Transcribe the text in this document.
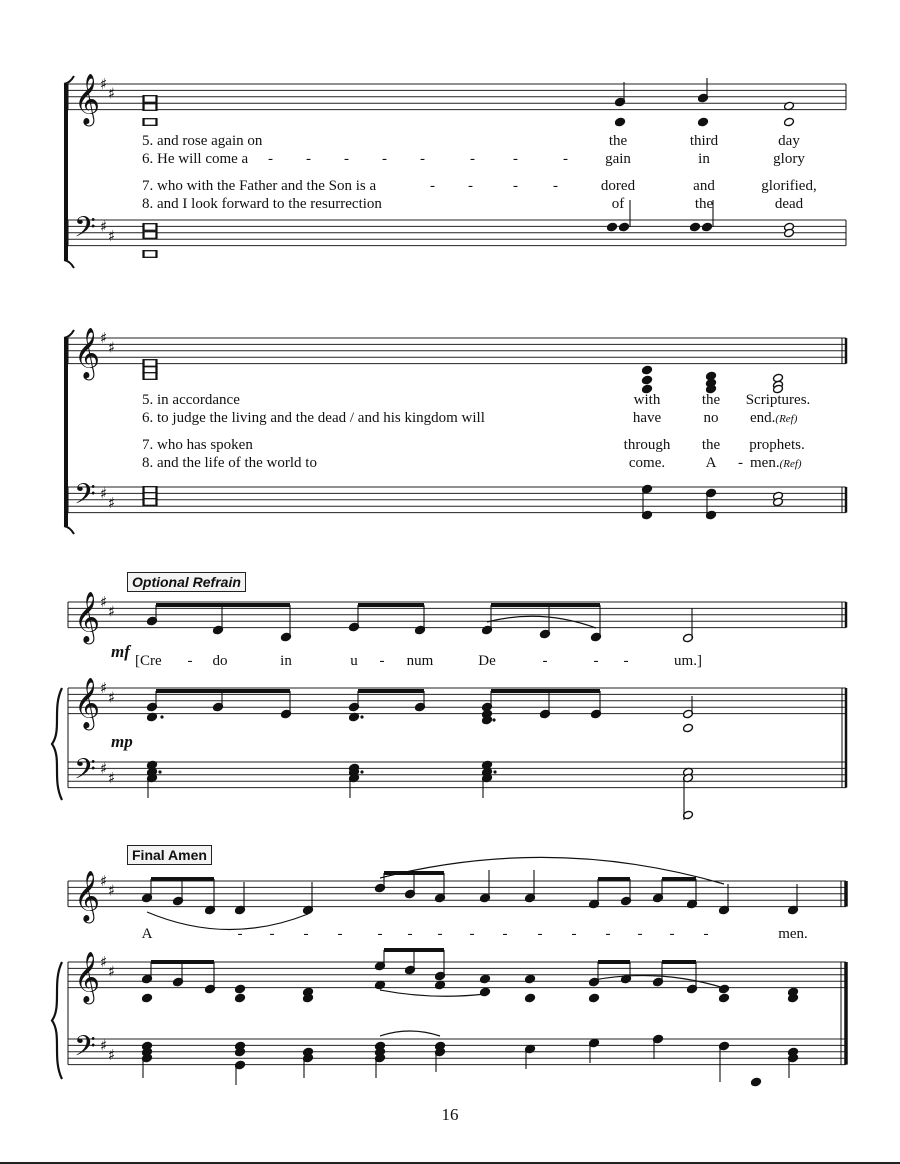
𝄞 ♯
♯
𝄢 ♯
♯
𝄞 ♯
♯
𝄢 ♯
♯
𝄞 ♯
♯
𝄞 ♯
♯
𝄢 ♯
♯
𝄞 ♯
♯
𝄞 ♯
♯
𝄢 ♯
♯
5. and rose again on
6. He will come a
7. who with the Father and the Son is a
8. and I look forward to the resurrection
- - - - -	-	-	-
- -	- -
the
gain
dored
of
third
in
and
the
day
glory
glorified,
dead
5. in accordance
6. to judge the living and the dead / and his kingdom will
7. who has spoken
8. and the life of the world to
with
have
through
come.
the
no
the
A -
Scriptures.
end.(Ref)
prophets.
men.(Ref)
Optional Refrain
mf
mp
[Cre - do	in	u - num	De	-	- -	um.]
Final Amen
A	- - - - - - - - - - - - - - -	men.
16
